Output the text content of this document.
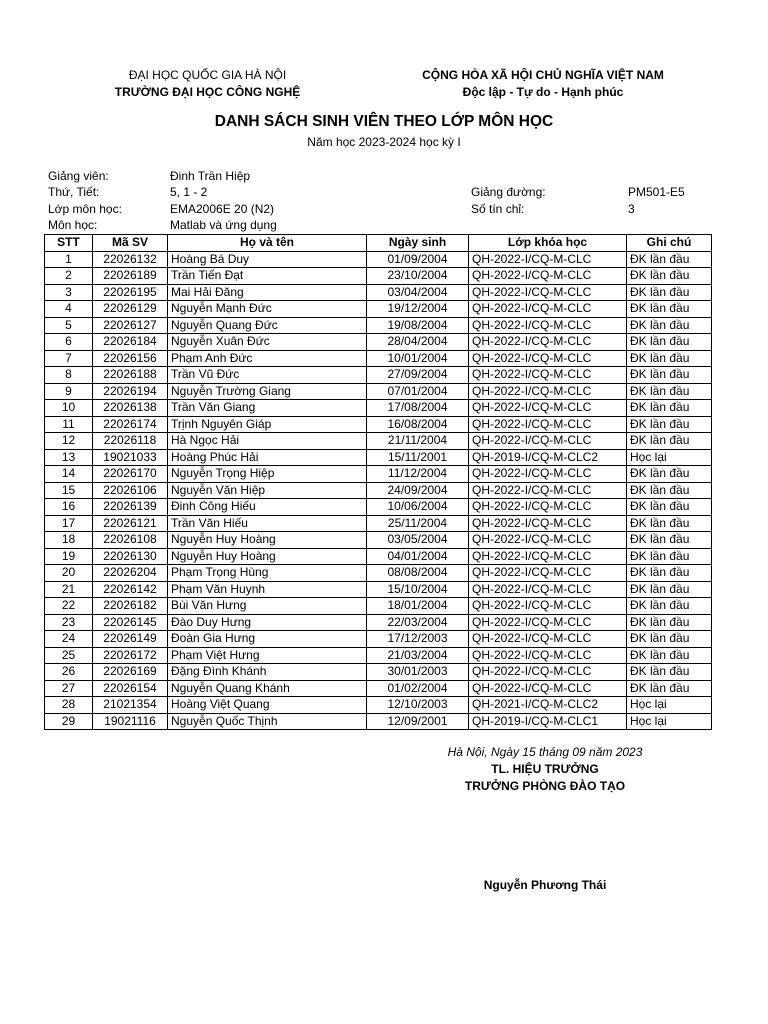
ĐẠI HỌC QUỐC GIA HÀ NỘI
TRƯỜNG ĐẠI HỌC CÔNG NGHỆ
CỘNG HÒA XÃ HỘI CHỦ NGHĨA VIỆT NAM
Độc lập - Tự do - Hạnh phúc
DANH SÁCH SINH VIÊN THEO LỚP MÔN HỌC
Năm học 2023-2024 học kỳ I
Giảng viên:	Đinh Trần Hiệp
Thứ, Tiết:	5, 1 - 2	Giảng đường:	PM501-E5
Lớp môn học:	EMA2006E 20 (N2)	Số tín chỉ:	3
Môn học:	Matlab và ứng dụng
STT	Mã SV	Họ và tên	Ngày sinh	Lớp khóa học	Ghi chú
1	22026132	Hoàng Bá Duy	01/09/2004	QH-2022-I/CQ-M-CLC	ĐK lần đầu
2	22026189	Trần Tiến Đạt	23/10/2004	QH-2022-I/CQ-M-CLC	ĐK lần đầu
3	22026195	Mai Hải Đăng	03/04/2004	QH-2022-I/CQ-M-CLC	ĐK lần đầu
4	22026129	Nguyễn Mạnh Đức	19/12/2004	QH-2022-I/CQ-M-CLC	ĐK lần đầu
5	22026127	Nguyễn Quang Đức	19/08/2004	QH-2022-I/CQ-M-CLC	ĐK lần đầu
6	22026184	Nguyễn Xuân Đức	28/04/2004	QH-2022-I/CQ-M-CLC	ĐK lần đầu
7	22026156	Phạm Anh Đức	10/01/2004	QH-2022-I/CQ-M-CLC	ĐK lần đầu
8	22026188	Trần Vũ Đức	27/09/2004	QH-2022-I/CQ-M-CLC	ĐK lần đầu
9	22026194	Nguyễn Trường Giang	07/01/2004	QH-2022-I/CQ-M-CLC	ĐK lần đầu
10	22026138	Trần Văn Giang	17/08/2004	QH-2022-I/CQ-M-CLC	ĐK lần đầu
11	22026174	Trịnh Nguyên Giáp	16/08/2004	QH-2022-I/CQ-M-CLC	ĐK lần đầu
12	22026118	Hà Ngọc Hải	21/11/2004	QH-2022-I/CQ-M-CLC	ĐK lần đầu
13	19021033	Hoàng Phúc Hải	15/11/2001	QH-2019-I/CQ-M-CLC2	Học lại
14	22026170	Nguyễn Trọng Hiệp	11/12/2004	QH-2022-I/CQ-M-CLC	ĐK lần đầu
15	22026106	Nguyễn Văn Hiệp	24/09/2004	QH-2022-I/CQ-M-CLC	ĐK lần đầu
16	22026139	Đinh Công Hiếu	10/06/2004	QH-2022-I/CQ-M-CLC	ĐK lần đầu
17	22026121	Trần Văn Hiếu	25/11/2004	QH-2022-I/CQ-M-CLC	ĐK lần đầu
18	22026108	Nguyễn Huy Hoàng	03/05/2004	QH-2022-I/CQ-M-CLC	ĐK lần đầu
19	22026130	Nguyễn Huy Hoàng	04/01/2004	QH-2022-I/CQ-M-CLC	ĐK lần đầu
20	22026204	Phạm Trọng Hùng	08/08/2004	QH-2022-I/CQ-M-CLC	ĐK lần đầu
21	22026142	Phạm Văn Huynh	15/10/2004	QH-2022-I/CQ-M-CLC	ĐK lần đầu
22	22026182	Bùi Văn Hưng	18/01/2004	QH-2022-I/CQ-M-CLC	ĐK lần đầu
23	22026145	Đào Duy Hưng	22/03/2004	QH-2022-I/CQ-M-CLC	ĐK lần đầu
24	22026149	Đoàn Gia Hưng	17/12/2003	QH-2022-I/CQ-M-CLC	ĐK lần đầu
25	22026172	Phạm Việt Hưng	21/03/2004	QH-2022-I/CQ-M-CLC	ĐK lần đầu
26	22026169	Đặng Đình Khánh	30/01/2003	QH-2022-I/CQ-M-CLC	ĐK lần đầu
27	22026154	Nguyễn Quang Khánh	01/02/2004	QH-2022-I/CQ-M-CLC	ĐK lần đầu
28	21021354	Hoàng Việt Quang	12/10/2003	QH-2021-I/CQ-M-CLC2	Học lại
29	19021116	Nguyễn Quốc Thịnh	12/09/2001	QH-2019-I/CQ-M-CLC1	Học lại
Hà Nội, Ngày 15 tháng 09 năm 2023
TL. HIỆU TRƯỞNG
TRƯỞNG PHÒNG ĐÀO TẠO
Nguyễn Phương Thái
